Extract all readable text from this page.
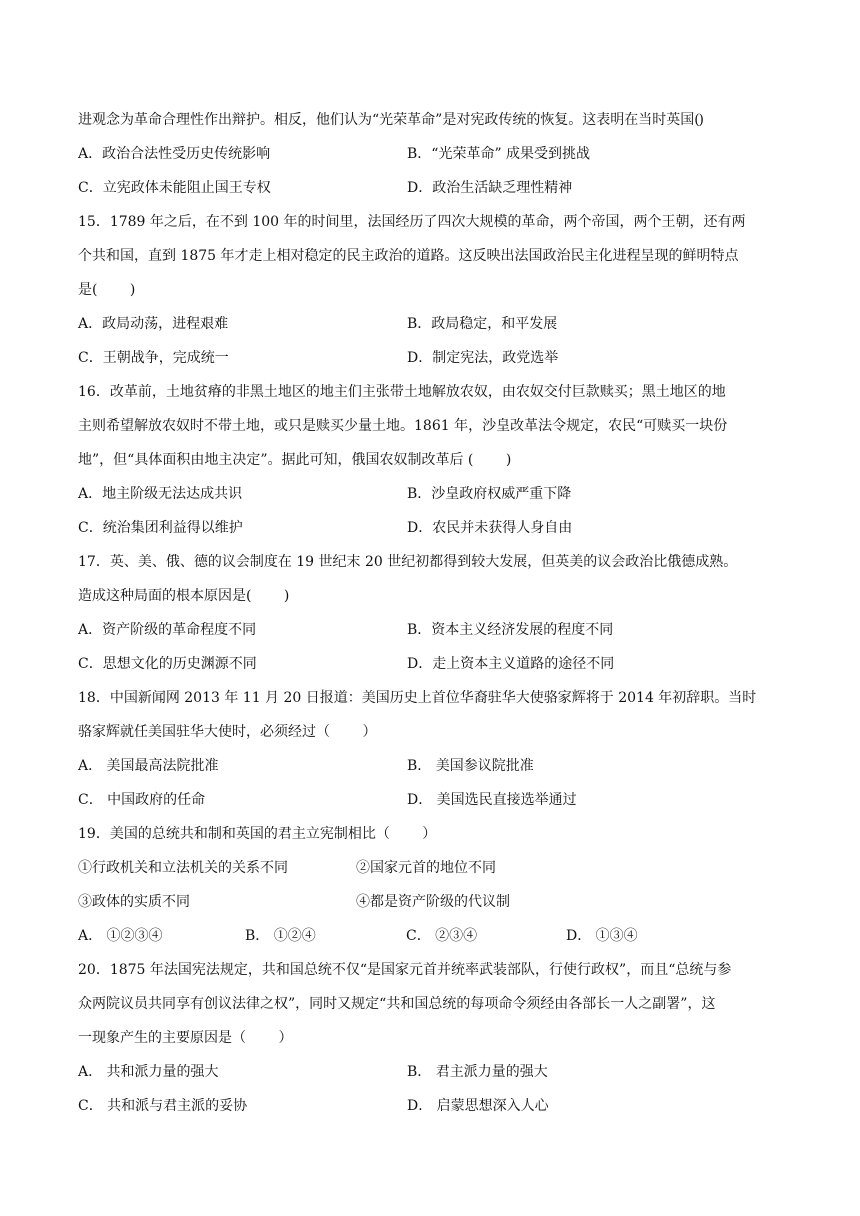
进观念为革命合理性作出辩护。相反，他们认为“光荣革命”是对宪政传统的恢复。这表明在当时英国(
)
A．政治合法性受历史传统影响	B．“光荣革命” 成果受到挑战
C．立宪政体未能阻止国王专权	D．政治生活缺乏理性精神
15．1789 年之后，在不到 100 年的时间里，法国经历了四次大规模的革命，两个帝国，两个王朝，还有两
个共和国，直到 1875 年才走上相对稳定的民主政治的道路。这反映出法国政治民主化进程呈现的鲜明特点
是(　　 )
A．政局动荡，进程艰难	B．政局稳定，和平发展
C．王朝战争，完成统一	D．制定宪法，政党选举
16．改革前，土地贫瘠的非黑土地区的地主们主张带土地解放农奴，由农奴交付巨款赎买；黑土地区的地
主则希望解放农奴时不带土地，或只是赎买少量土地。1861 年，沙皇改革法令规定，农民“可赎买一块份
地”，但“具体面积由地主决定”。据此可知，俄国农奴制改革后 (　　 )
A．地主阶级无法达成共识	B．沙皇政府权威严重下降
C．统治集团利益得以维护	D．农民并未获得人身自由
17．英、美、俄、德的议会制度在 19 世纪末 20 世纪初都得到较大发展，但英美的议会政治比俄德成熟。
造成这种局面的根本原因是(　　 )
A．资产阶级的革命程度不同	B．资本主义经济发展的程度不同
C．思想文化的历史渊源不同	D．走上资本主义道路的途径不同
18．中国新闻网 2013 年 11 月 20 日报道：美国历史上首位华裔驻华大使骆家辉将于 2014 年初辞职。当时
骆家辉就任美国驻华大使时，必须经过（　　 ）
A． 美国最高法院批准	B． 美国参议院批准
C． 中国政府的任命	D． 美国选民直接选举通过
19．美国的总统共和制和英国的君主立宪制相比（　　 ）
①行政机关和立法机关的关系不同	②国家元首的地位不同
③政体的实质不同	④都是资产阶级的代议制
A． ①②③④	B． ①②④	C． ②③④	D． ①③④
20．1875 年法国宪法规定，共和国总统不仅“是国家元首并统率武装部队，行使行政权”，而且“总统与参
众两院议员共同享有创议法律之权”，同时又规定“共和国总统的每项命令须经由各部长一人之副署”，这
一现象产生的主要原因是（　　 ）
A． 共和派力量的强大	B． 君主派力量的强大
C． 共和派与君主派的妥协	D． 启蒙思想深入人心
